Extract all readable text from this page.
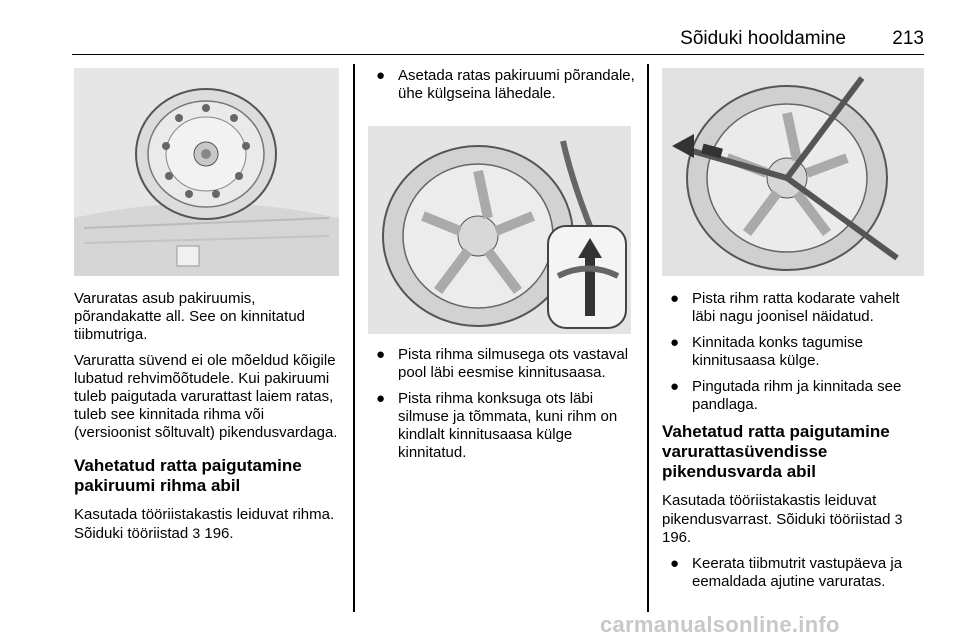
Sõiduki hooldamine 213

Varuratas asub pakiruumis, põrandakatte all. See on kinnitatud tiibmutriga.

Varuratta süvend ei ole mõeldud kõigile lubatud rehvimõõtudele. Kui pakiruumi tuleb paigutada varurattast laiem ratas, tuleb see kinnitada rihma või (versioonist sõltuvalt) pikendusvardaga.

Vahetatud ratta paigutamine pakiruumi rihma abil

Kasutada tööriistakastis leiduvat rihma. Sõiduki tööriistad 3 196.

● Asetada ratas pakiruumi põrandale, ühe külgseina lähedale.
● Pista rihma silmusega ots vastaval pool läbi eesmise kinnitusaasa.
● Pista rihma konksuga ots läbi silmuse ja tõmmata, kuni rihm on kindlalt kinnitusaasa külge kinnitatud.
● Pista rihm ratta kodarate vahelt läbi nagu joonisel näidatud.
● Kinnitada konks tagumise kinnitusaasa külge.
● Pingutada rihm ja kinnitada see pandlaga.
Vahetatud ratta paigutamine varurattasüvendisse pikendusvarda abil

Kasutada tööriistakastis leiduvat pikendusvarrast. Sõiduki tööriistad 3 196.

● Keerata tiibmutrit vastupäeva ja eemaldada ajutine varuratas.
carmanualsonline.info
